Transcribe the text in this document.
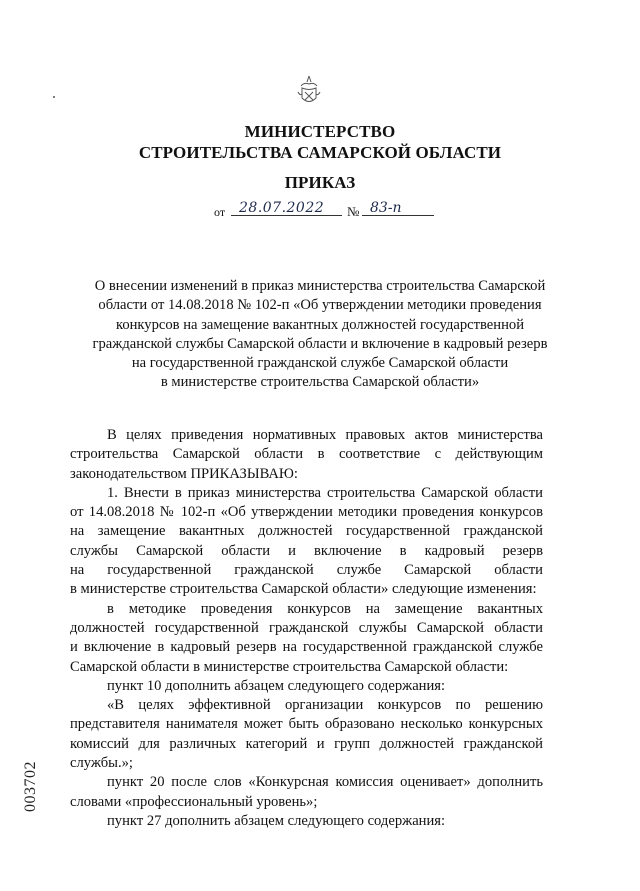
МИНИСТЕРСТВО
СТРОИТЕЛЬСТВА САМАРСКОЙ ОБЛАСТИ
ПРИКАЗ
от 28.07.2022	№ 83-п
О внесении изменений в приказ министерства строительства Самарской
области от 14.08.2018 № 102-п «Об утверждении методики проведения
конкурсов на замещение вакантных должностей государственной
гражданской службы Самарской области и включение в кадровый резерв
на государственной гражданской службе Самарской области
в министерстве строительства Самарской области»
В целях приведения нормативных правовых актов министерства
строительства Самарской области в соответствие с действующим
законодательством ПРИКАЗЫВАЮ:
1. Внести в приказ министерства строительства Самарской области
от 14.08.2018 № 102-п «Об утверждении методики проведения конкурсов
на замещение вакантных должностей государственной гражданской
службы Самарской области и включение в кадровый резерв
на государственной гражданской службе Самарской области
в министерстве строительства Самарской области» следующие изменения:
в методике проведения конкурсов на замещение вакантных
должностей государственной гражданской службы Самарской области
и включение в кадровый резерв на государственной гражданской службе
Самарской области в министерстве строительства Самарской области:
пункт 10 дополнить абзацем следующего содержания:
«В целях эффективной организации конкурсов по решению
представителя нанимателя может быть образовано несколько конкурсных
комиссий для различных категорий и групп должностей гражданской
службы.»;
пункт 20 после слов «Конкурсная комиссия оценивает» дополнить
словами «профессиональный уровень»;
пункт 27 дополнить абзацем следующего содержания:
003702
